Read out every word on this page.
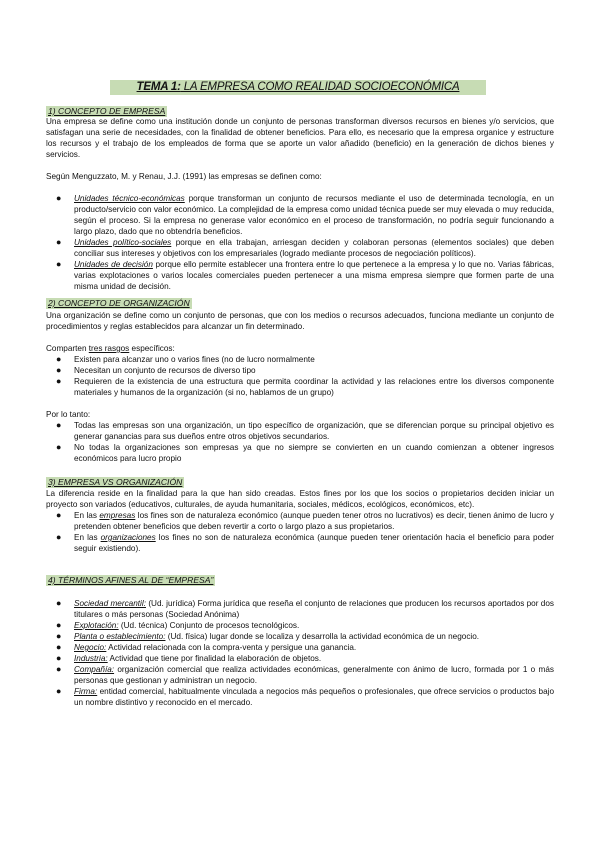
TEMA 1: LA EMPRESA COMO REALIDAD SOCIOECONÓMICA
1) CONCEPTO DE EMPRESA

Una empresa se define como una institución donde un conjunto de personas transforman diversos recursos en bienes y/o servicios, que satisfagan una serie de necesidades, con la finalidad de obtener beneficios. Para ello, es necesario que la empresa organice y estructure los recursos y el trabajo de los empleados de forma que se aporte un valor añadido (beneficio) en la generación de dichos bienes y servicios.

Según Menguzzato, M. y Renau, J.J. (1991) las empresas se definen como:

● Unidades técnico-económicas porque transforman un conjunto de recursos mediante el uso de determinada tecnología, en un producto/servicio con valor económico. La complejidad de la empresa como unidad técnica puede ser muy elevada o muy reducida, según el proceso. Si la empresa no generase valor económico en el proceso de transformación, no podría seguir funcionando a largo plazo, dado que no obtendría beneficios.
● Unidades político-sociales porque en ella trabajan, arriesgan deciden y colaboran personas (elementos sociales) que deben conciliar sus intereses y objetivos con los empresariales (logrado mediante procesos de negociación políticos).
● Unidades de decisión porque ello permite establecer una frontera entre lo que pertenece a la empresa y lo que no. Varias fábricas, varias explotaciones o varios locales comerciales pueden pertenecer a una misma empresa siempre que formen parte de una misma unidad de decisión.
2) CONCEPTO DE ORGANIZACIÓN

Una organización se define como un conjunto de personas, que con los medios o recursos adecuados, funciona mediante un conjunto de procedimientos y reglas establecidos para alcanzar un fin determinado.

Comparten tres rasgos específicos:

● Existen para alcanzar uno o varios fines (no de lucro normalmente
● Necesitan un conjunto de recursos de diverso tipo
● Requieren de la existencia de una estructura que permita coordinar la actividad y las relaciones entre los diversos componente materiales y humanos de la organización (si no, hablamos de un grupo)

Por lo tanto:

● Todas las empresas son una organización, un tipo específico de organización, que se diferencian porque su principal objetivo es generar ganancias para sus dueños entre otros objetivos secundarios.
● No todas la organizaciones son empresas ya que no siempre se convierten en un cuando comienzan a obtener ingresos económicos para lucro propio
3) EMPRESA VS ORGANIZACIÓN

La diferencia reside en la finalidad para la que han sido creadas. Estos fines por los que los socios o propietarios deciden iniciar un proyecto son variados (educativos, culturales, de ayuda humanitaria, sociales, médicos, ecológicos, económicos, etc).

● En las empresas los fines son de naturaleza económico (aunque pueden tener otros no lucrativos) es decir, tienen ánimo de lucro y pretenden obtener beneficios que deben revertir a corto o largo plazo a sus propietarios.
● En las organizaciones los fines no son de naturaleza económica (aunque pueden tener orientación hacia el beneficio para poder seguir existiendo).
4) TÉRMINOS AFINES AL DE “EMPRESA”
● Sociedad mercantil: (Ud. jurídica) Forma jurídica que reseña el conjunto de relaciones que producen los recursos aportados por dos titulares o más personas (Sociedad Anónima)
● Explotación: (Ud. técnica) Conjunto de procesos tecnológicos.
● Planta o establecimiento: (Ud. física) lugar donde se localiza y desarrolla la actividad económica de un negocio.
● Negocio: Actividad relacionada con la compra-venta y persigue una ganancia.
● Industria: Actividad que tiene por finalidad la elaboración de objetos.
● Compañía: organización comercial que realiza actividades económicas, generalmente con ánimo de lucro, formada por 1 o más personas que gestionan y administran un negocio.
● Firma: entidad comercial, habitualmente vinculada a negocios más pequeños o profesionales, que ofrece servicios o productos bajo un nombre distintivo y reconocido en el mercado.
